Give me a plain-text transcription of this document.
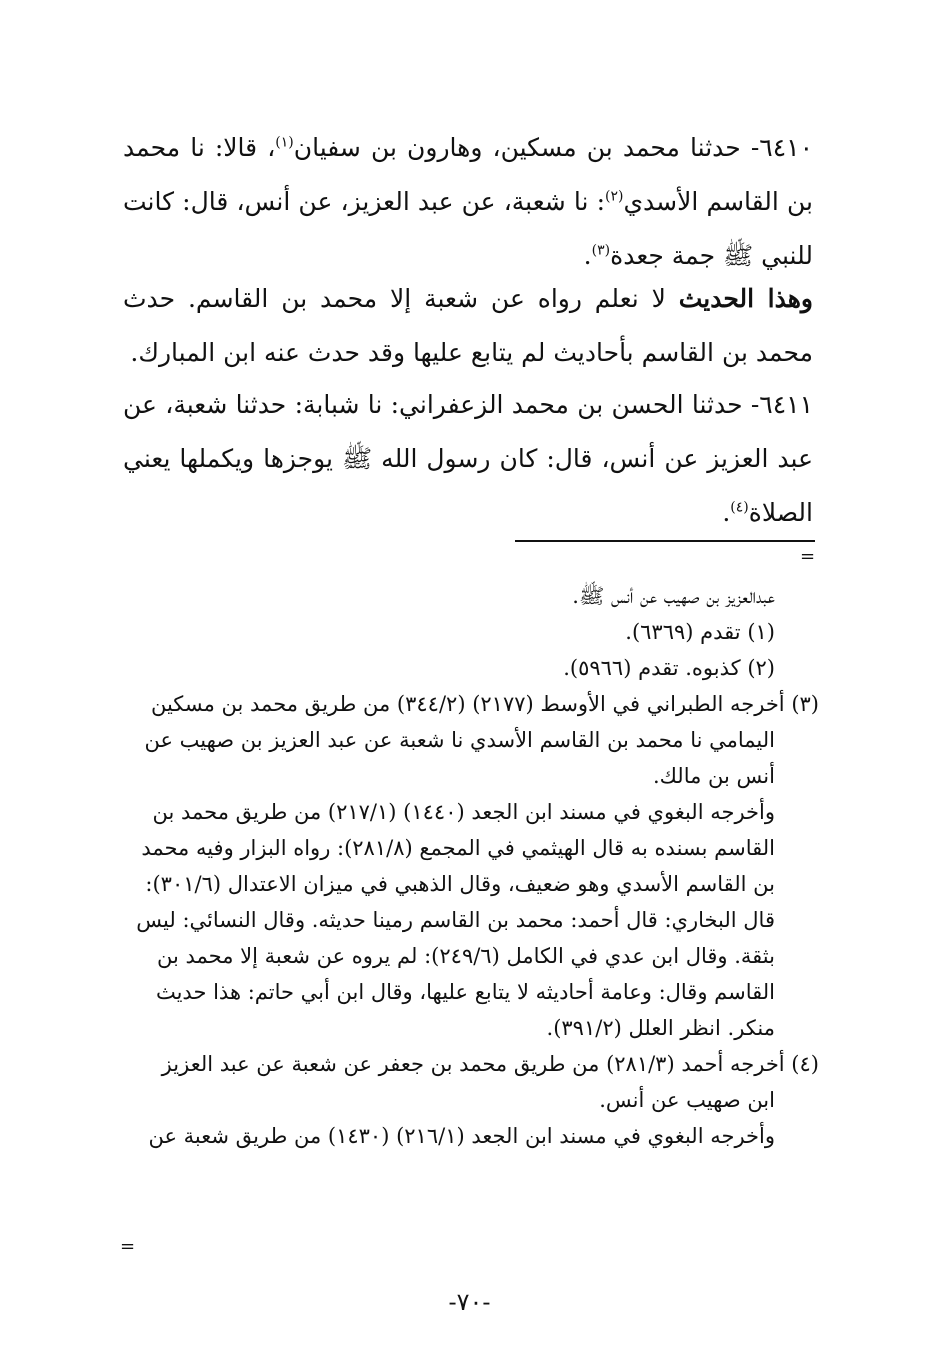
٦٤١٠- حدثنا محمد بن مسكين، وهارون بن سفيان$^{(١)}$، قالا: نا محمد بن القاسم الأسدي$^{(٢)}$: نا شعبة، عن عبد العزيز، عن أنس، قال: كانت للنبي ﷺ جمة جعدة$^{(٣)}$.

وهذا الحديث لا نعلم رواه عن شعبة إلا محمد بن القاسم. حدث محمد بن القاسم بأحاديث لم يتابع عليها وقد حدث عنه ابن المبارك.

٦٤١١- حدثنا الحسن بن محمد الزعفراني: نا شبابة: حدثنا شعبة، عن عبد العزيز عن أنس، قال: كان رسول الله ﷺ يوجزها ويكملها يعني الصلاة$^{(٤)}$.

=

عبدالعزيز بن صهيب عن أنس ﷺ.

(١) تقدم (٦٣٦٩).

(٢) كذبوه. تقدم (٥٩٦٦).

(٣) أخرجه الطبراني في الأوسط (٢١٧٧) (٣٤٤/٢) من طريق محمد بن مسكين

اليمامي نا محمد بن القاسم الأسدي نا شعبة عن عبد العزيز بن صهيب عن أنس بن مالك.

وأخرجه البغوي في مسند ابن الجعد (١٤٤٠) (٢١٧/١) من طريق محمد بن القاسم بسنده به قال الهيثمي في المجمع (٢٨١/٨): رواه البزار وفيه محمد بن القاسم الأسدي وهو ضعيف، وقال الذهبي في ميزان الاعتدال (٣٠١/٦): قال البخاري: قال أحمد: محمد بن القاسم رمينا حديثه. وقال النسائي: ليس بثقة. وقال ابن عدي في الكامل (٢٤٩/٦): لم يروه عن شعبة إلا محمد بن القاسم وقال: وعامة أحاديثه لا يتابع عليها، وقال ابن أبي حاتم: هذا حديث منكر. انظر العلل (٣٩١/٢).

(٤) أخرجه أحمد (٢٨١/٣) من طريق محمد بن جعفر عن شعبة عن عبد العزيز

ابن صهيب عن أنس.

وأخرجه البغوي في مسند ابن الجعد (٢١٦/١) (١٤٣٠) من طريق شعبة عن

=
-٧٠-
